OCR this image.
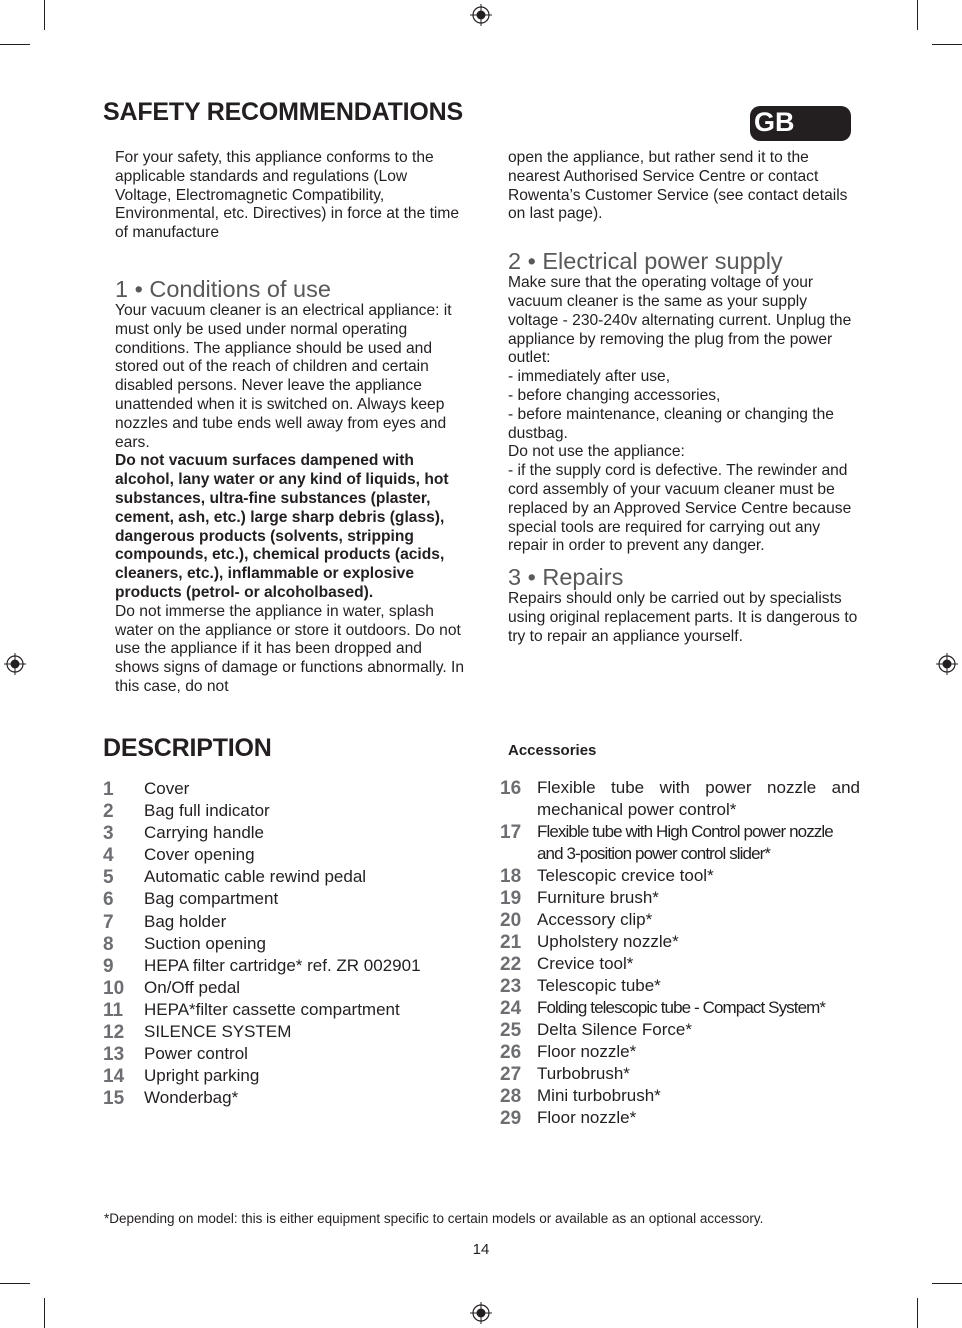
SAFETY RECOMMENDATIONS	GB

For your safety, this appliance conforms to the applicable standards and regulations (Low Voltage, Electromagnetic Compatibility, Environmental, etc. Directives) in force at the time of manufacture

1 • Conditions of use

Your vacuum cleaner is an electrical appliance: it must only be used under normal operating conditions. The appliance should be used and stored out of the reach of children and certain disabled persons. Never leave the appliance unattended when it is switched on. Always keep nozzles and tube ends well away from eyes and ears.

Do not vacuum surfaces dampened with alcohol, lany water or any kind of liquids, hot substances, ultra-fine substances (plaster, cement, ash, etc.) large sharp debris (glass), dangerous products (solvents, stripping compounds, etc.), chemical products (acids, cleaners, etc.), inflammable or explosive products (petrol- or alcoholbased).

Do not immerse the appliance in water, splash water on the appliance or store it outdoors. Do not use the appliance if it has been dropped and shows signs of damage or functions abnormally. In this case, do not

open the appliance, but rather send it to the nearest Authorised Service Centre or contact Rowenta’s Customer Service (see contact details on last page).

2 • Electrical power supply

Make sure that the operating voltage of your vacuum cleaner is the same as your supply voltage - 230-240v alternating current. Unplug the appliance by removing the plug from the power outlet:
- immediately after use,
- before changing accessories,
- before maintenance, cleaning or changing the dustbag.
Do not use the appliance:
- if the supply cord is defective. The rewinder and cord assembly of your vacuum cleaner must be replaced by an Approved Service Centre because special tools are required for carrying out any repair in order to prevent any danger.

3 • Repairs

Repairs should only be carried out by specialists using original replacement parts. It is dangerous to try to repair an appliance yourself.

DESCRIPTION
1 Cover
2 Bag full indicator
3 Carrying handle
4 Cover opening
5 Automatic cable rewind pedal
6 Bag compartment
7 Bag holder
8 Suction opening
9 HEPA filter cartridge* ref. ZR 002901
10 On/Off pedal
11 HEPA*filter cassette compartment
12 SILENCE SYSTEM
13 Power control
14 Upright parking
15 Wonderbag*
Accessories
16 Flexible tube with power nozzle and mechanical power control*
17 Flexible tube with High Control power nozzle and 3-position power control slider*
18 Telescopic crevice tool*
19 Furniture brush*
20 Accessory clip*
21 Upholstery nozzle*
22 Crevice tool*
23 Telescopic tube*
24 Folding telescopic tube - Compact System*
25 Delta Silence Force*
26 Floor nozzle*
27 Turbobrush*
28 Mini turbobrush*
29 Floor nozzle*
*Depending on model: this is either equipment specific to certain models or available as an optional accessory.
14
